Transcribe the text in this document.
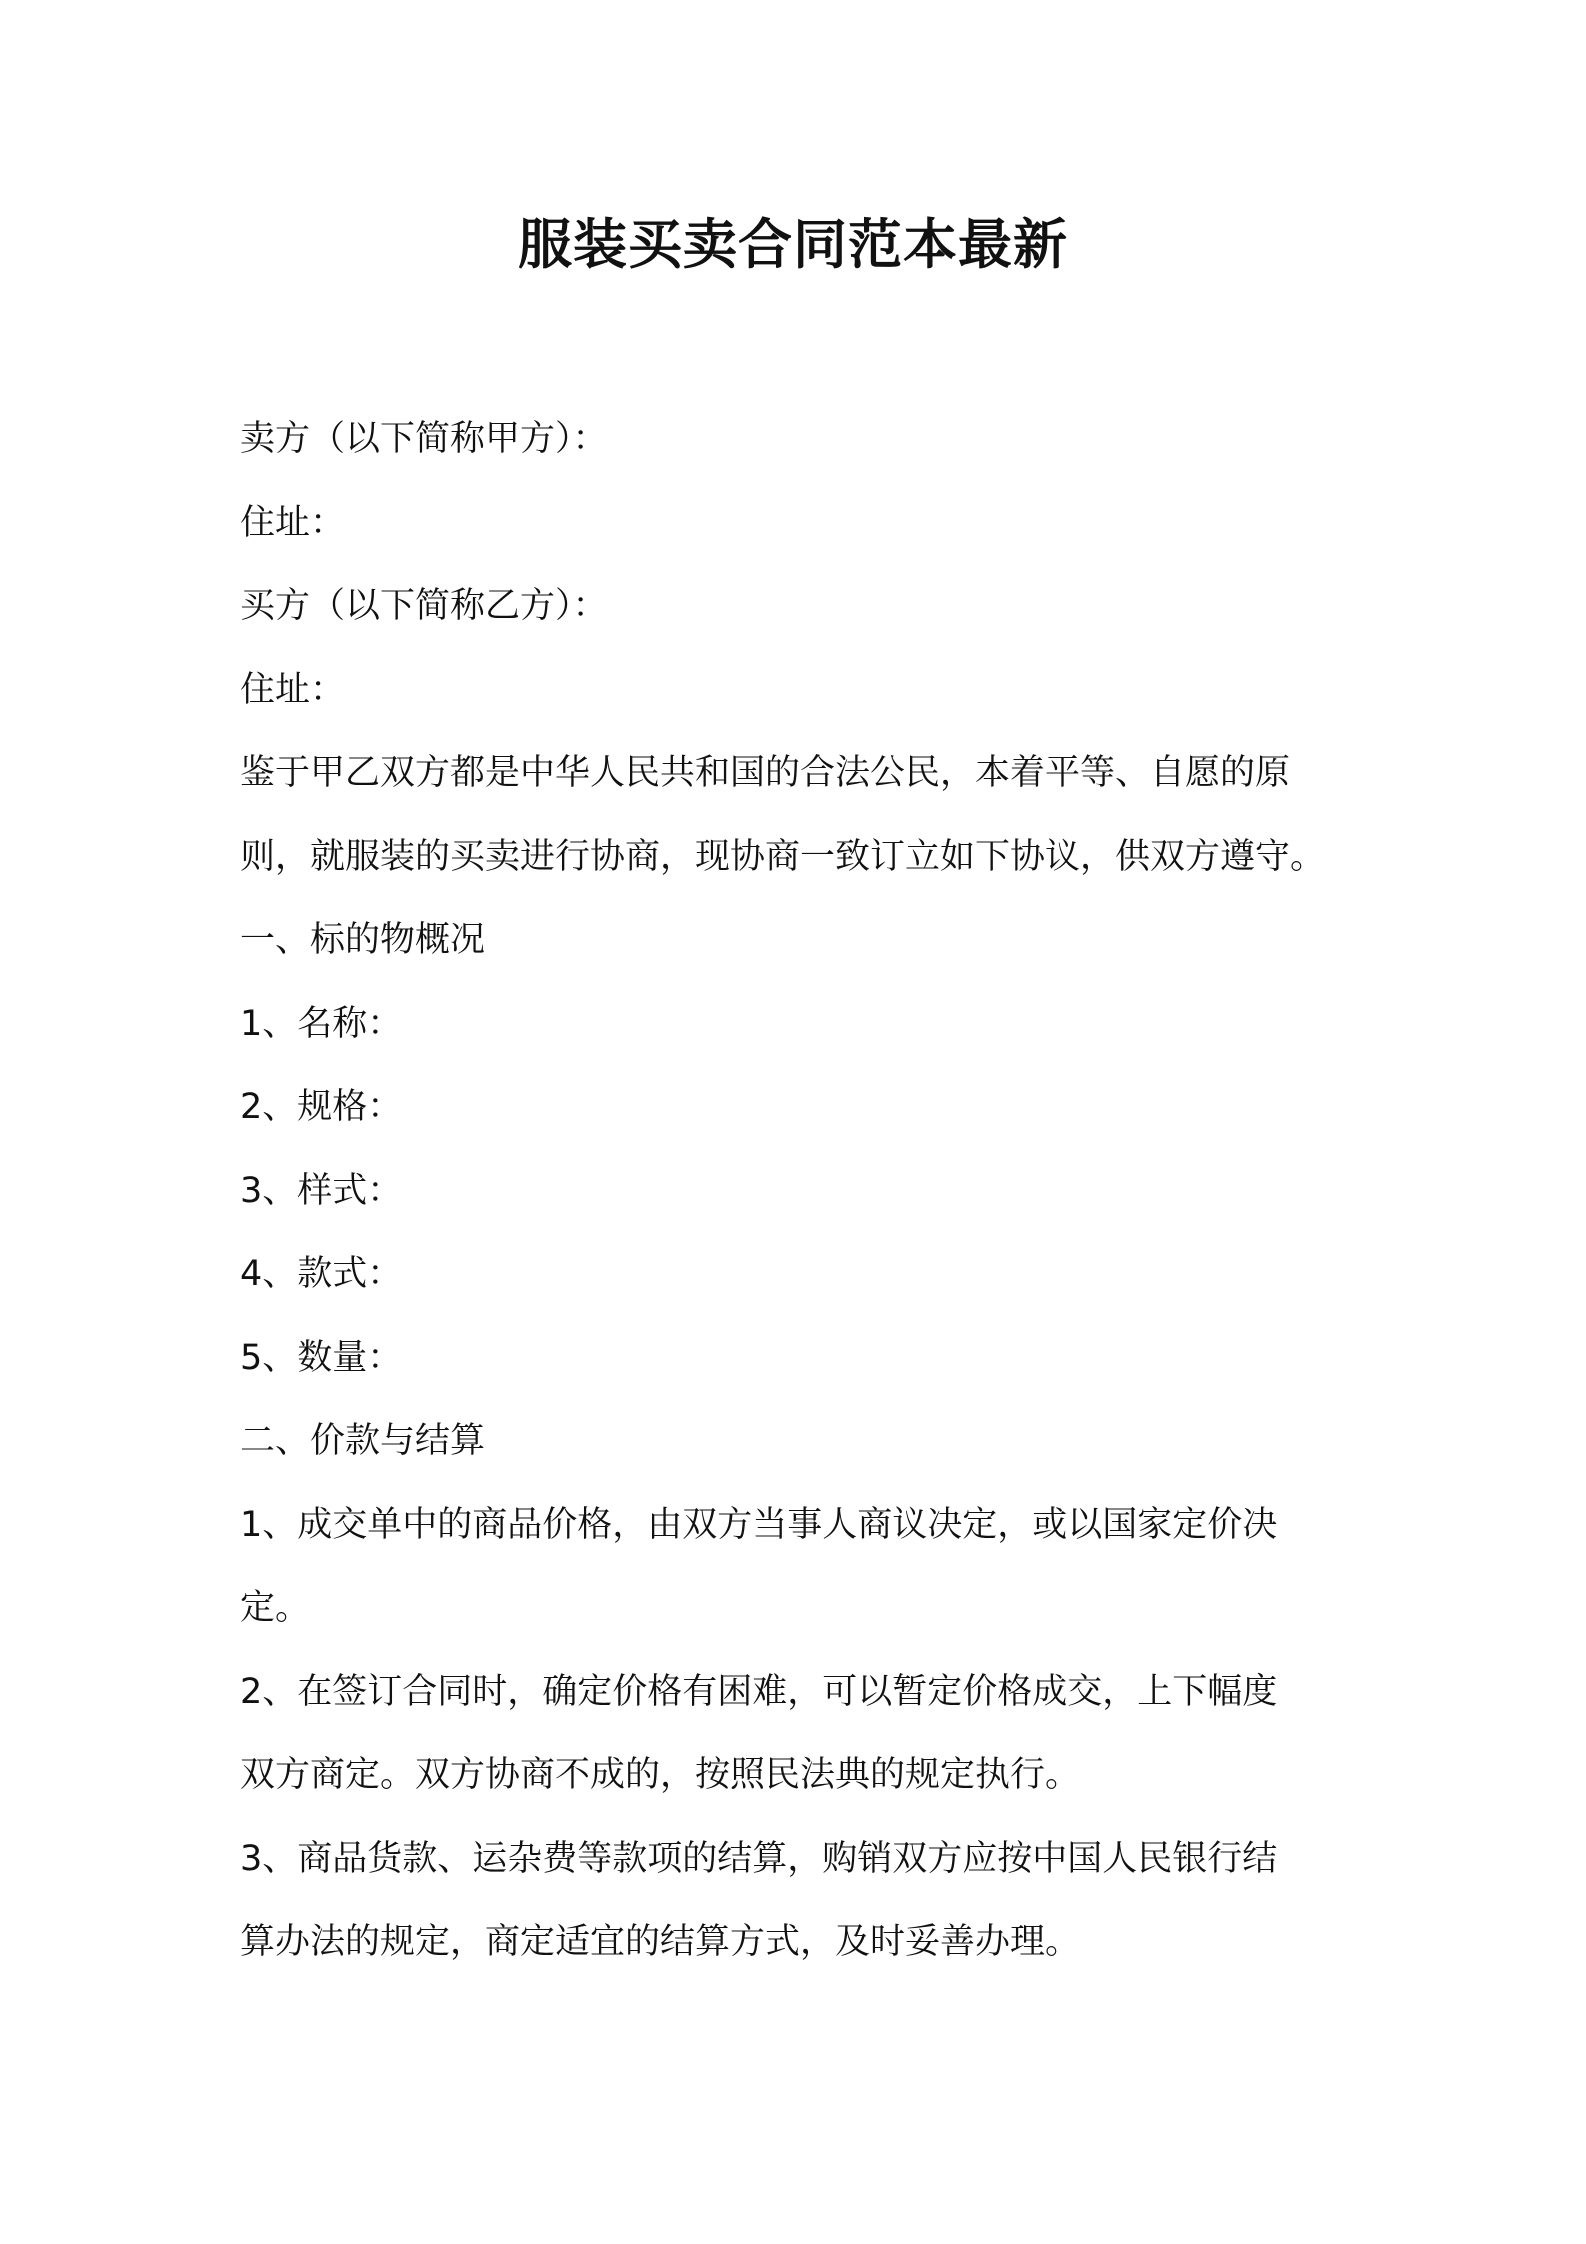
服装买卖合同范本最新

卖方（以下简称甲方）：

住址：

买方（以下简称乙方）：

住址：

鉴于甲乙双方都是中华人民共和国的合法公民，本着平等、自愿的原

则，就服装的买卖进行协商，现协商一致订立如下协议，供双方遵守。

一、标的物概况

1、名称：

2、规格：

3、样式：

4、款式：

5、数量：

二、价款与结算

1、成交单中的商品价格，由双方当事人商议决定，或以国家定价决

定。

2、在签订合同时，确定价格有困难，可以暂定价格成交，上下幅度

双方商定。双方协商不成的，按照民法典的规定执行。

3、商品货款、运杂费等款项的结算，购销双方应按中国人民银行结

算办法的规定，商定适宜的结算方式，及时妥善办理。
